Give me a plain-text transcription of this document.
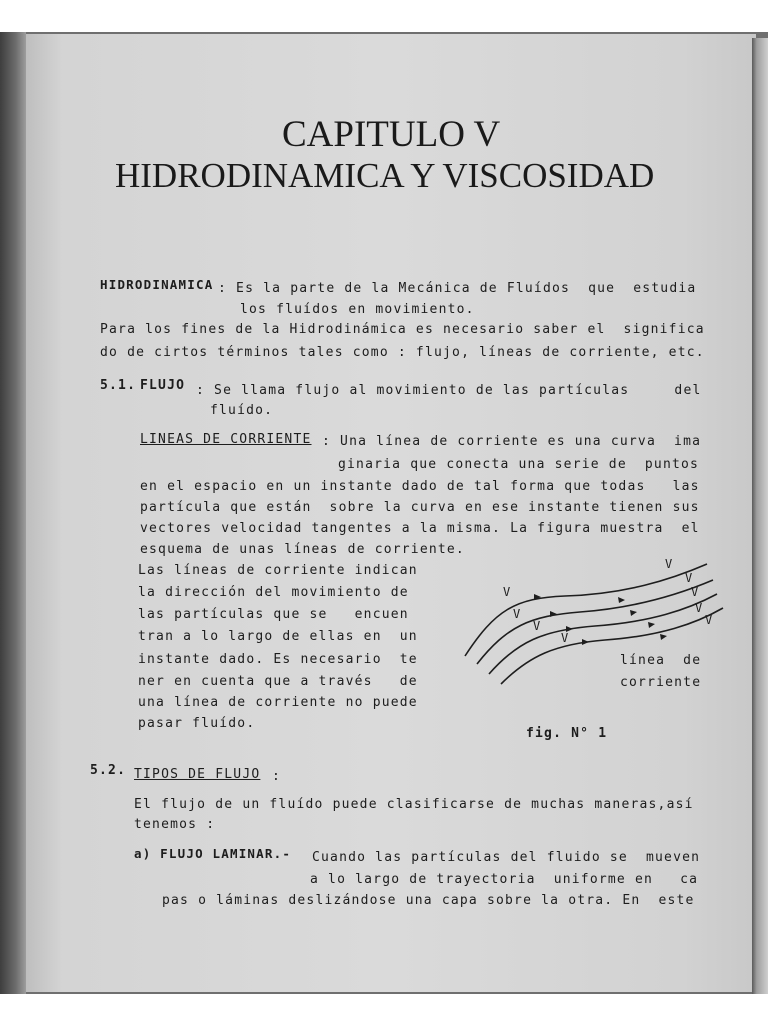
CAPITULO V
HIDRODINAMICA Y VISCOSIDAD
HIDRODINAMICA : Es la parte de la Mecánica de Fluídos  que  estudia
los fluídos en movimiento.
Para los fines de la Hidrodinámica es necesario saber el  significa
do de cirtos términos tales como : flujo, líneas de corriente, etc.
5.1. FLUJO : Se llama flujo al movimiento de las partículas     del
fluído.
LINEAS DE CORRIENTE : Una línea de corriente es una curva  ima
ginaria que conecta una serie de  puntos
en el espacio en un instante dado de tal forma que todas   las
partícula que están  sobre la curva en ese instante tienen sus
vectores velocidad tangentes a la misma. La figura muestra  el
esquema de unas líneas de corriente.
Las líneas de corriente indican
la dirección del movimiento de
las partículas que se   encuen
tran a lo largo de ellas en  un
instante dado. Es necesario  te
ner en cuenta que a través   de
una línea de corriente no puede
pasar fluído.
V
V
V
V
V
V
V
V
V
línea  de
corriente
fig. N° 1
5.2. TIPOS DE FLUJO :
El flujo de un fluído puede clasificarse de muchas maneras,así
tenemos :
a) FLUJO LAMINAR.- Cuando las partículas del fluido se  mueven
a lo largo de trayectoria  uniforme en   ca
pas o láminas deslizándose una capa sobre la otra. En  este
